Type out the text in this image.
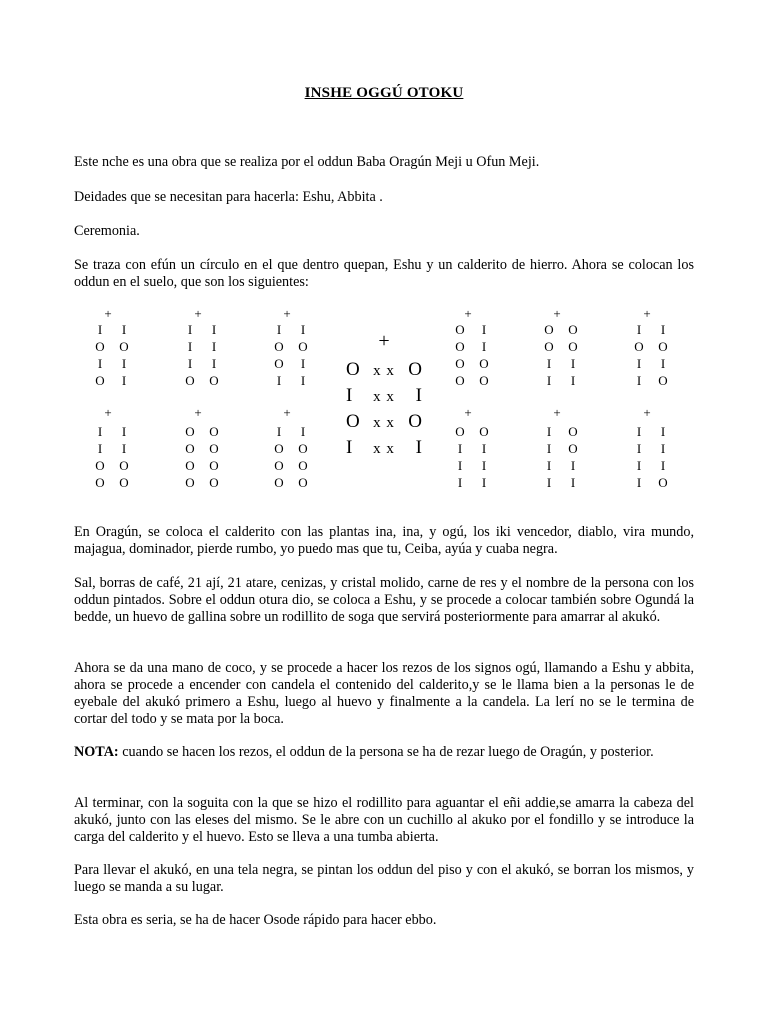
INSHE OGGÚ OTOKU
Este nche es una obra que se realiza por el oddun Baba Oragún Meji u Ofun Meji.
Deidades que se necesitan para hacerla: Eshu, Abbita .
Ceremonia.
Se traza con efún un círculo en el que dentro quepan, Eshu y un calderito de hierro. Ahora se colocan los oddun en el suelo, que son los siguientes:
+
I	I
O O
I	I
O	I
+
I	I
I	I
I	I
O O
+
I	I
O O
O	I
I	I
+
O	I
O	I
O O
O O
+
O O
O O
I	I
I	I
+
I	I
O O
I	I
I	O
+
I	I
I	I
O O
O O
+
O O
O O
O O
O O
+
I	I
O O
O O
O O
+
O O
I	I
I	I
I	I
+
I	O
I	O
I	I
I	I
+
I	I
I	I
I	I
I	O
+
O x x O
I x x I
O x x O
I x x I
En Oragún, se coloca el calderito con las plantas ina, ina, y ogú, los iki vencedor, diablo, vira mundo, majagua, dominador, pierde rumbo, yo puedo mas que tu, Ceiba, ayúa y cuaba negra.
Sal, borras de café, 21 ají, 21 atare, cenizas, y cristal molido, carne de res y el nombre de la persona con los oddun pintados. Sobre el oddun otura dio, se coloca a Eshu, y se procede a colocar también sobre Ogundá la bedde, un huevo de gallina sobre un rodillito de soga que servirá posteriormente para amarrar al akukó.
Ahora se da una mano de coco, y se procede a hacer los rezos de los signos ogú, llamando a Eshu y abbita, ahora se procede a encender con candela el contenido del calderito,y se le llama bien a la personas le de eyebale del akukó primero a Eshu, luego al huevo y finalmente a la candela. La lerí no se le termina de cortar del todo y se mata por la boca.
NOTA: cuando se hacen los rezos, el oddun de la persona se ha de rezar luego de Oragún, y posterior.
Al terminar, con la soguita con la que se hizo el rodillito para aguantar el eñi addie,se amarra la cabeza del akukó, junto con las eleses del mismo. Se le abre con un cuchillo al akuko por el fondillo y se introduce la carga del calderito y el huevo. Esto se lleva a una tumba abierta.
Para llevar el akukó, en una tela negra, se pintan los oddun del piso y con el akukó, se borran los mismos, y luego se manda a su lugar.
Esta obra es seria, se ha de hacer Osode rápido para hacer ebbo.
